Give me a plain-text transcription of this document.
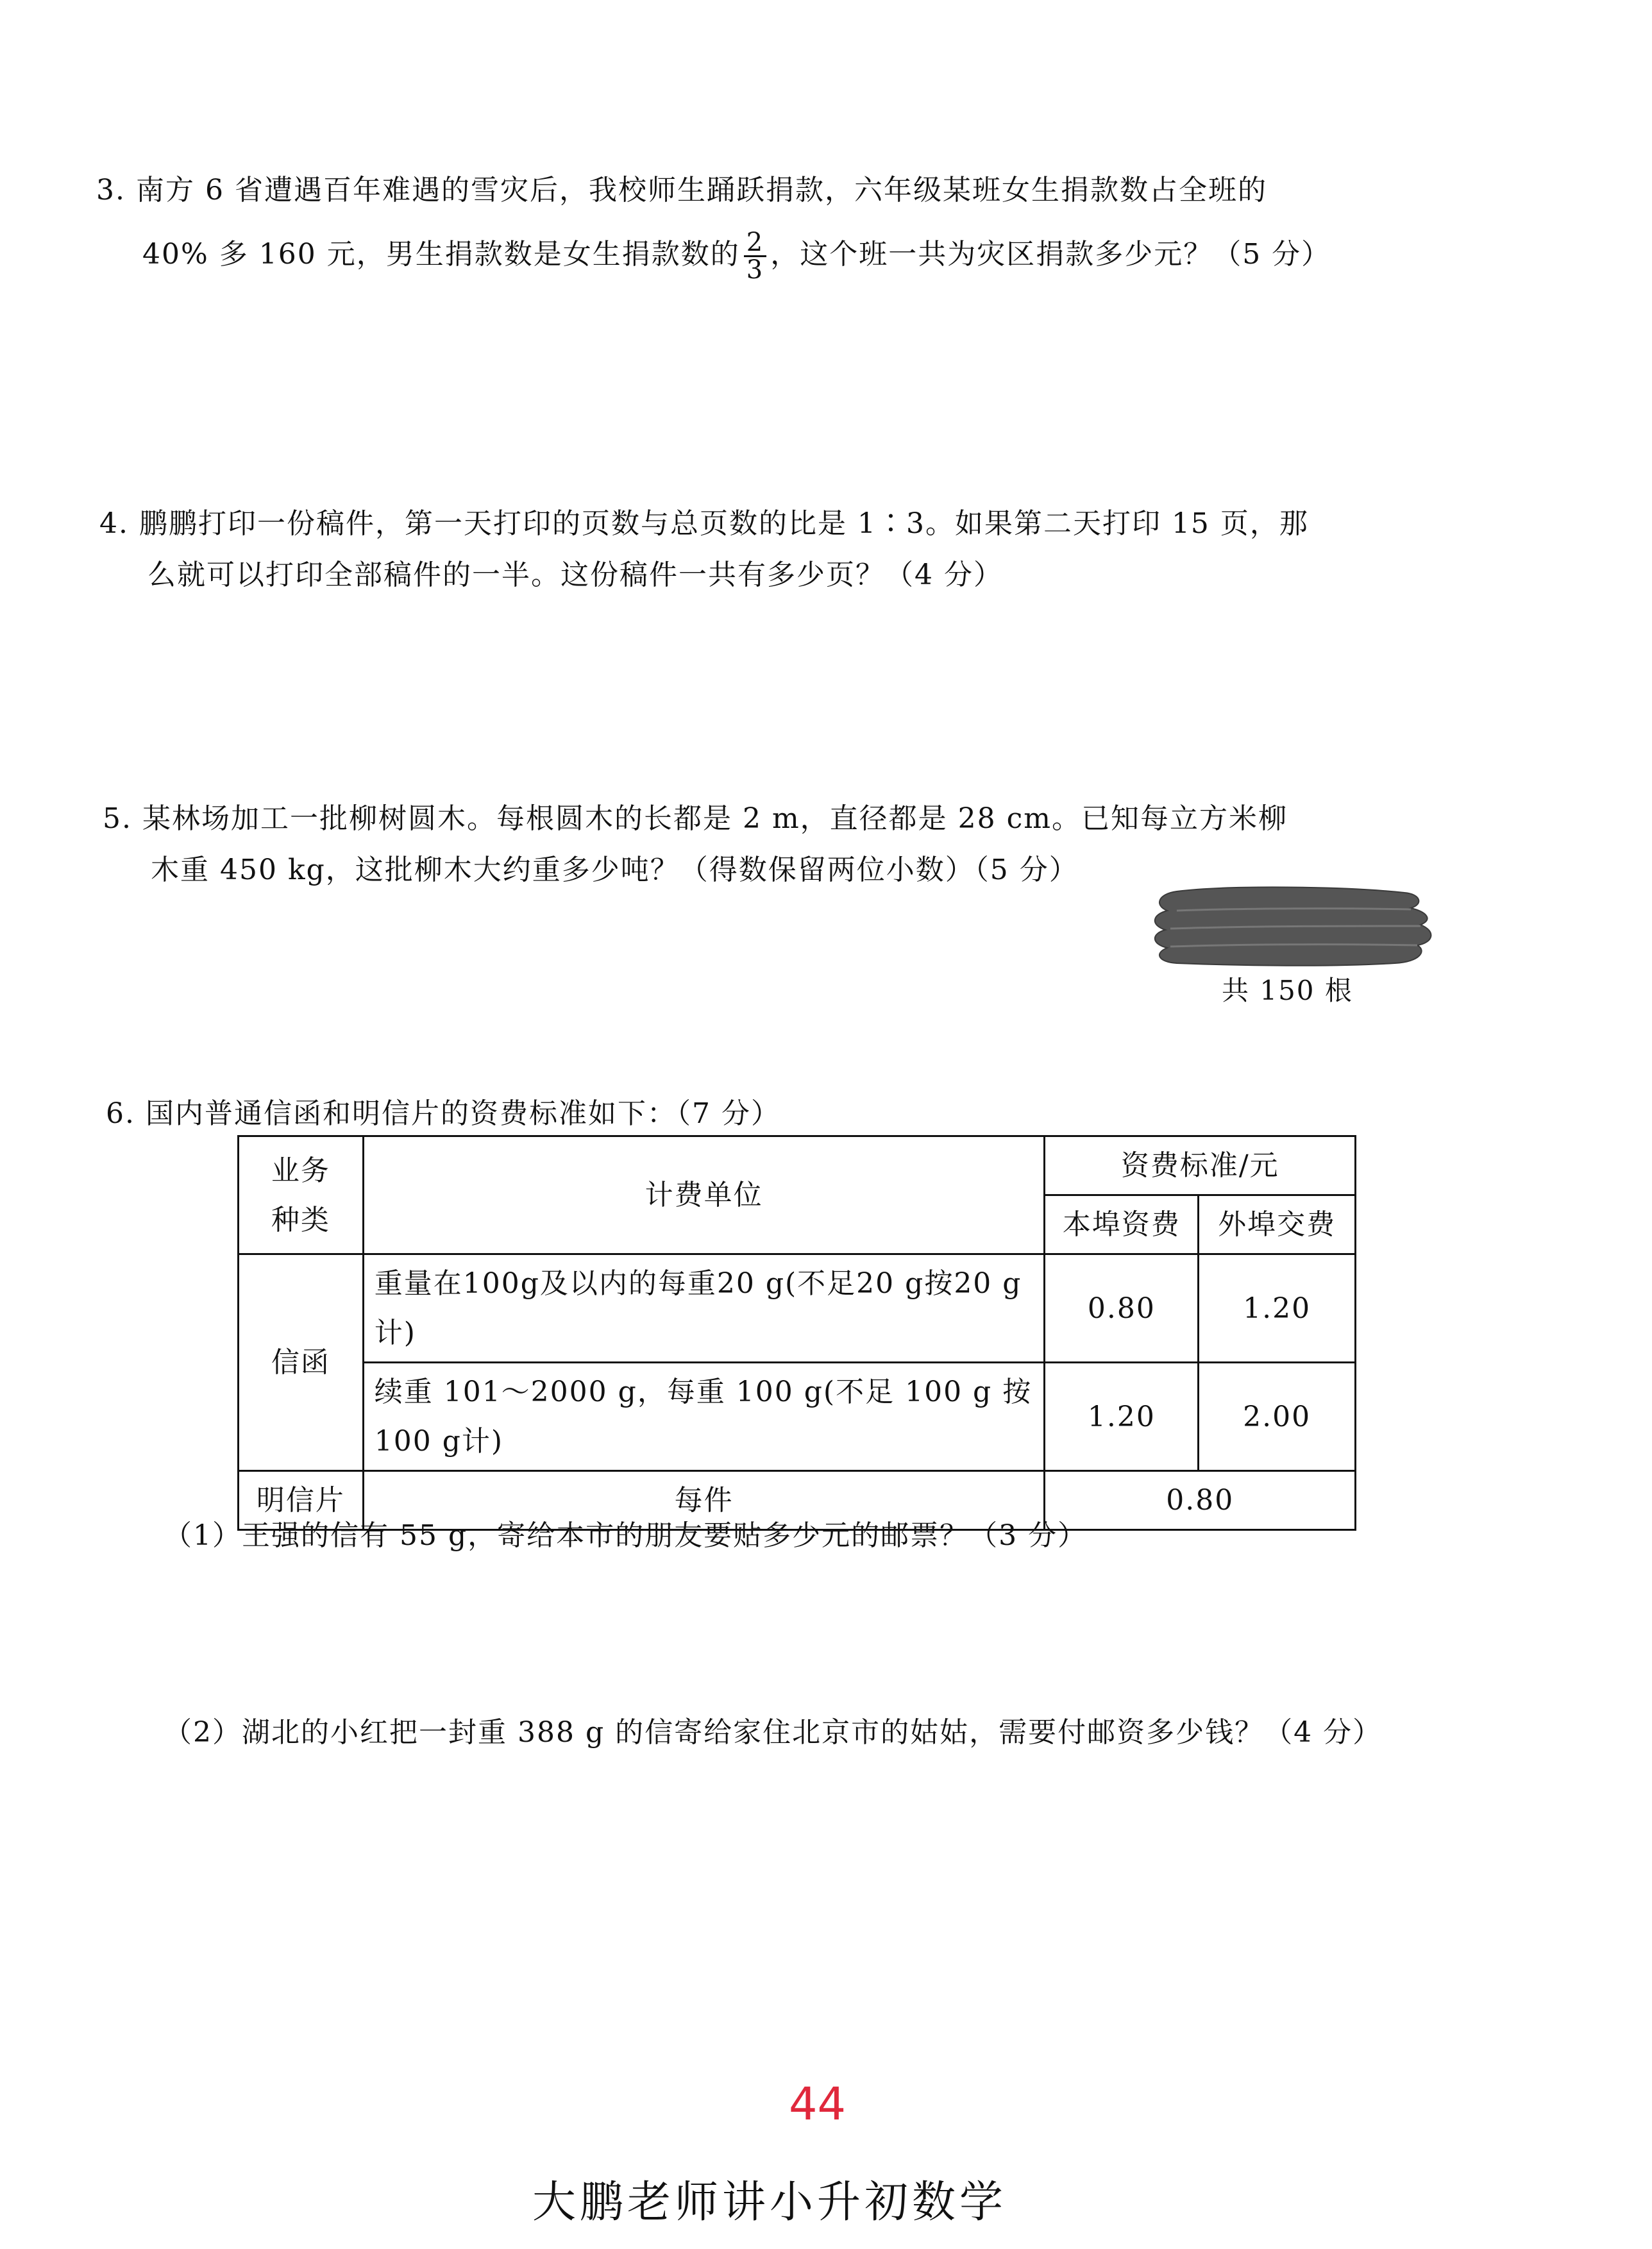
3. 南方 6 省遭遇百年难遇的雪灾后，我校师生踊跃捐款，六年级某班女生捐款数占全班的
40% 多 160 元，男生捐款数是女生捐款数的 $\frac{2}{3}$ ，这个班一共为灾区捐款多少元？（5 分）
4. 鹏鹏打印一份稿件，第一天打印的页数与总页数的比是 1∶3。如果第二天打印 15 页，那
么就可以打印全部稿件的一半。这份稿件一共有多少页？（4 分）
5. 某林场加工一批柳树圆木。每根圆木的长都是 2 m，直径都是 28 cm。已知每立方米柳
木重 450 kg，这批柳木大约重多少吨？（得数保留两位小数）（5 分）
共 150 根
6. 国内普通信函和明信片的资费标准如下：（7 分）
业务
种类	计费单位	资费标准/元	
		本埠资费	外埠交费
信函	重量在100g及以内的每重20 g(不足20 g按20 g计)	0.80	1.20
	续重 101～2000 g，每重 100 g(不足 100 g 按100 g计)	1.20	2.00
明信片	每件	0.80	
（1）王强的信有 55 g，寄给本市的朋友要贴多少元的邮票？（3 分）
（2）湖北的小红把一封重 388 g 的信寄给家住北京市的姑姑，需要付邮资多少钱？（4 分）
44
大鹏老师讲小升初数学
